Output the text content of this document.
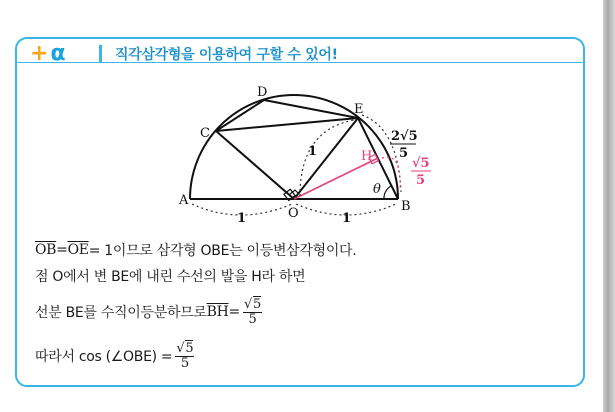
+ α	직각삼각형을 이용하여 구할 수 있어!
A	B
C
D
E
O
H
θ
1	1
1
2√5
5
√5
5
$\overline{OB} = \overline{OE} = 1$이므로 삼각형 OBE는 이등변삼각형이다.
점 O에서 변 BE에 내린 수선의 발을 H라 하면
선분 BE를 수직이등분하므로 $\overline{BH} = \frac{√5}{5}$
따라서 cos (∠OBE) = $\frac{√5}{5}$
